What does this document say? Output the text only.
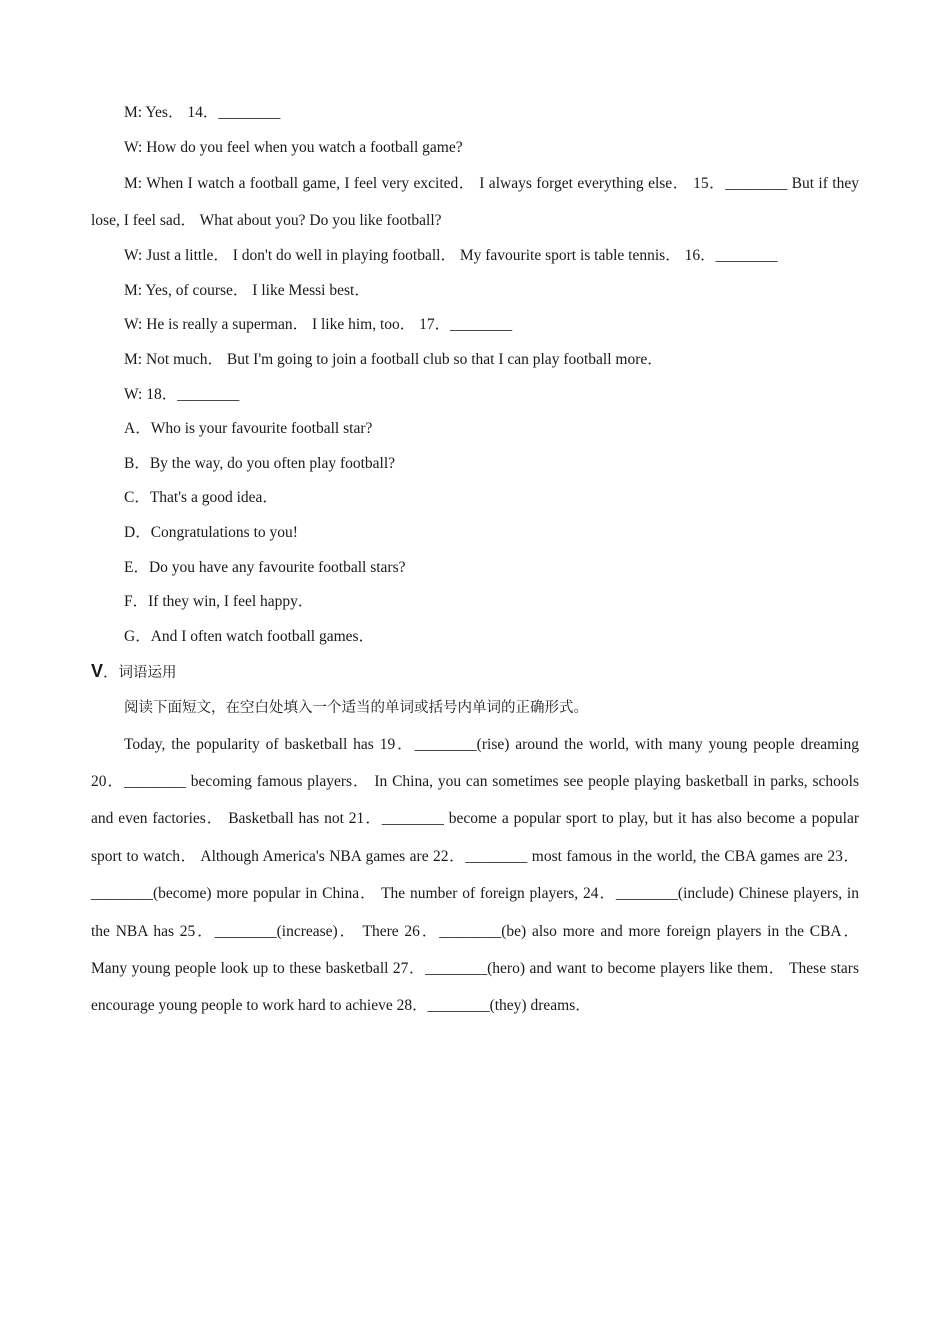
M: Yes． 14．________
W: How do you feel when you watch a football game?
M: When I watch a football game, I feel very excited． I always forget everything else． 15．________ But if they lose, I feel sad． What about you? Do you like football?
W: Just a little． I don't do well in playing football． My favourite sport is table tennis． 16．________
M: Yes, of course． I like Messi best．
W: He is really a superman． I like him, too． 17．________
M: Not much． But I'm going to join a football club so that I can play football more．
W: 18．________
A．Who is your favourite football star?
B．By the way, do you often play football?
C．That's a good idea．
D．Congratulations to you!
E．Do you have any favourite football stars?
F．If they win, I feel happy．
G．And I often watch football games．
V．词语运用
阅读下面短文，在空白处填入一个适当的单词或括号内单词的正确形式。
Today, the popularity of basketball has 19．________(rise) around the world, with many young people dreaming 20．________ becoming famous players． In China, you can sometimes see people playing basketball in parks, schools and even factories． Basketball has not 21．________ become a popular sport to play, but it has also become a popular sport to watch． Although America's NBA games are 22．________ most famous in the world, the CBA games are 23．________(become) more popular in China． The number of foreign players, 24．________(include) Chinese players, in the NBA has 25．________(increase)． There 26．________(be) also more and more foreign players in the CBA． Many young people look up to these basketball 27．________(hero) and want to become players like them． These stars encourage young people to work hard to achieve 28．________(they) dreams．
